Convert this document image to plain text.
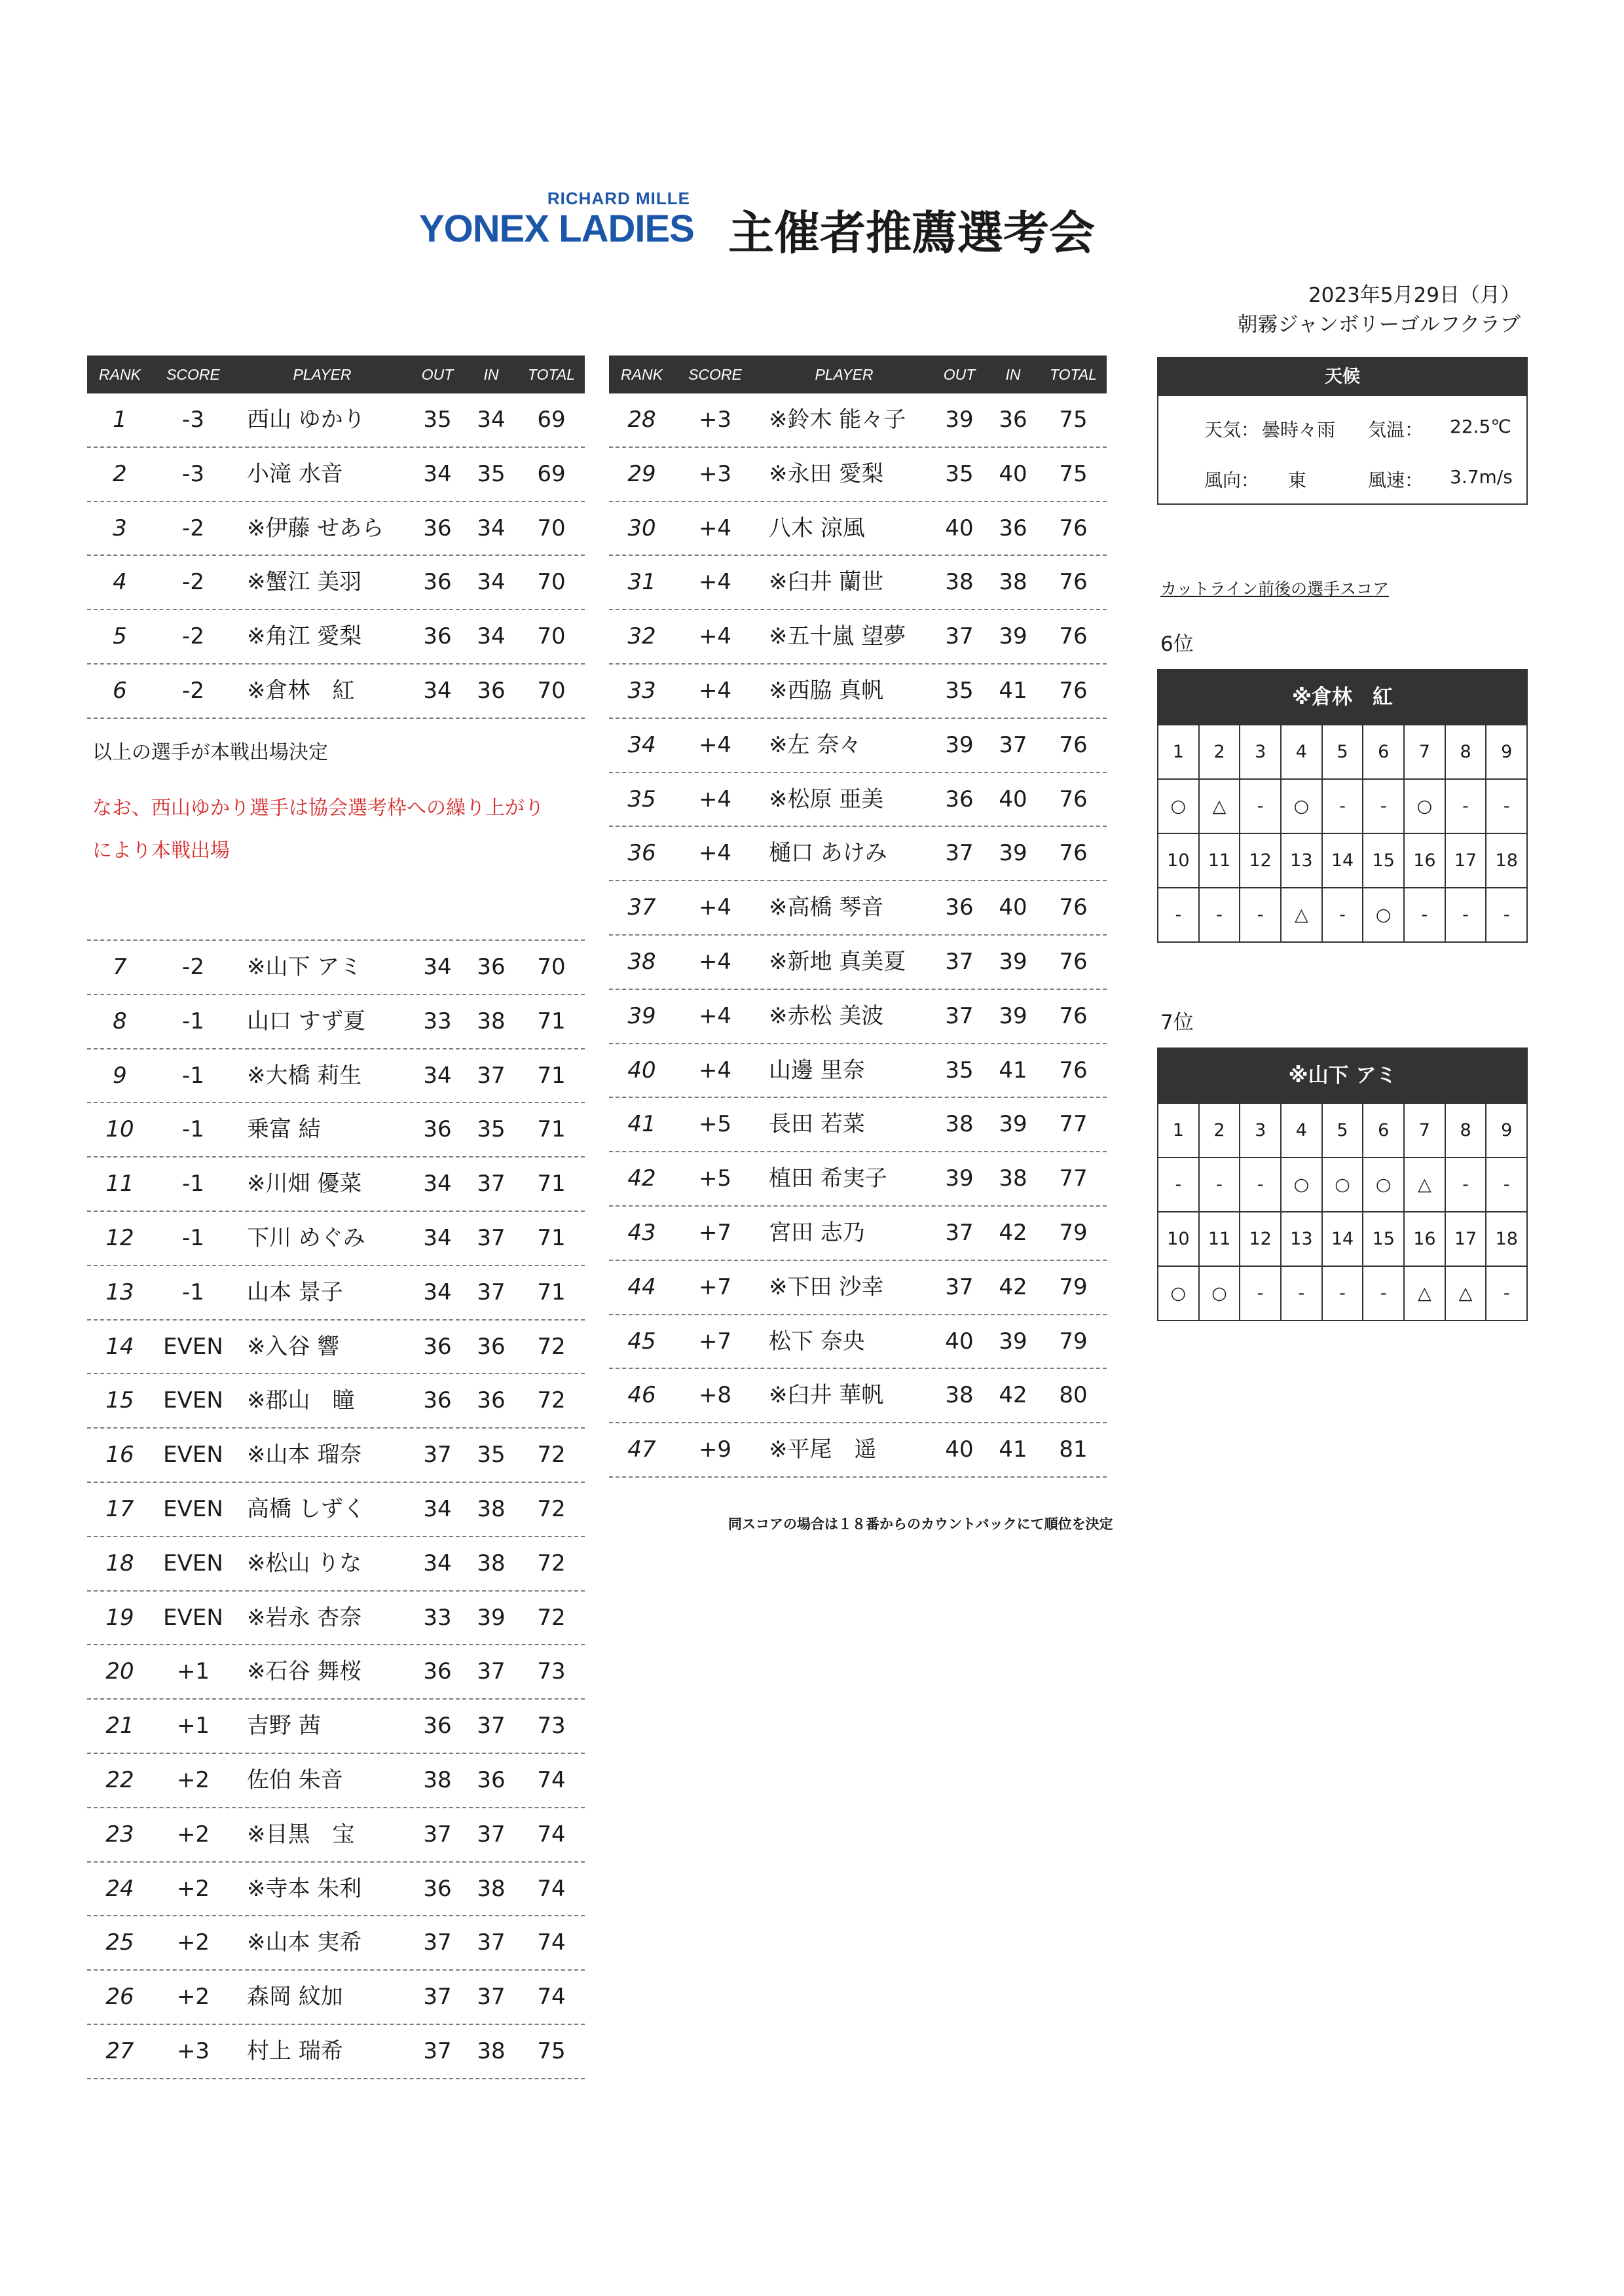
RICHARD MILLE
YONEX LADIES 主催者推薦選考会
2023年5月29日（月）
朝霧ジャンボリーゴルフクラブ
RANK	SCORE	PLAYER	OUT	IN	TOTAL
1	-3	西山 ゆかり	35	34	69
2	-3	小滝 水音	34	35	69
3	-2	※伊藤 せあら	36	34	70
4	-2	※蟹江 美羽	36	34	70
5	-2	※角江 愛梨	36	34	70
6	-2	※倉林　紅	34	36	70
以上の選手が本戦出場決定
なお、西山ゆかり選手は協会選考枠への繰り上がり
により本戦出場
7	-2	※山下 アミ	34	36	70
8	-1	山口 すず夏	33	38	71
9	-1	※大橋 莉生	34	37	71
10	-1	乗富 結	36	35	71
11	-1	※川畑 優菜	34	37	71
12	-1	下川 めぐみ	34	37	71
13	-1	山本 景子	34	37	71
14	EVEN	※入谷 響	36	36	72
15	EVEN	※郡山　瞳	36	36	72
16	EVEN	※山本 瑠奈	37	35	72
17	EVEN	高橋 しずく	34	38	72
18	EVEN	※松山 りな	34	38	72
19	EVEN	※岩永 杏奈	33	39	72
20	+1	※石谷 舞桜	36	37	73
21	+1	吉野 茜	36	37	73
22	+2	佐伯 朱音	38	36	74
23	+2	※目黒　宝	37	37	74
24	+2	※寺本 朱利	36	38	74
25	+2	※山本 実希	37	37	74
26	+2	森岡 紋加	37	37	74
27	+3	村上 瑞希	37	38	75
RANK	SCORE	PLAYER	OUT	IN	TOTAL
28	+3	※鈴木 能々子	39	36	75
29	+3	※永田 愛梨	35	40	75
30	+4	八木 涼風	40	36	76
31	+4	※臼井 蘭世	38	38	76
32	+4	※五十嵐 望夢	37	39	76
33	+4	※西脇 真帆	35	41	76
34	+4	※左 奈々	39	37	76
35	+4	※松原 亜美	36	40	76
36	+4	樋口 あけみ	37	39	76
37	+4	※高橋 琴音	36	40	76
38	+4	※新地 真美夏	37	39	76
39	+4	※赤松 美波	37	39	76
40	+4	山邊 里奈	35	41	76
41	+5	長田 若菜	38	39	77
42	+5	植田 希実子	39	38	77
43	+7	宮田 志乃	37	42	79
44	+7	※下田 沙幸	37	42	79
45	+7	松下 奈央	40	39	79
46	+8	※臼井 華帆	38	42	80
47	+9	※平尾　遥	40	41	81
同スコアの場合は１８番からのカウントバックにて順位を決定
天候
天気： 曇時々雨 気温： 22.5℃
風向： 東	風速： 3.7m/s
カットライン前後の選手スコア
6位
※倉林　紅
1	2	3	4	5	6	7	8	9
○	△	-	○	-	-	○	-	-
10	11	12	13	14	15	16	17	18
-	-	-	△	-	○	-	-	-
7位
※山下 アミ
1	2	3	4	5	6	7	8	9
-	-	-	○	○	○	△	-	-
10	11	12	13	14	15	16	17	18
○	○	-	-	-	-	△	△	-
